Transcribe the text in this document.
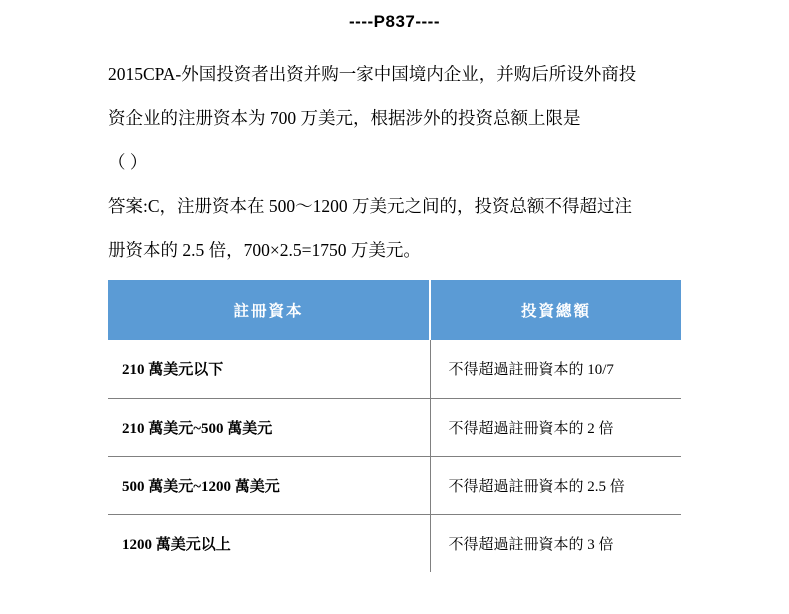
----P837----
2015CPA-外国投资者出资并购一家中国境内企业，并购后所设外商投
资企业的注册资本为 700 万美元，根据涉外的投资总额上限是
（ ）
答案:C，注册资本在 500～1200 万美元之间的，投资总额不得超过注
册资本的 2.5 倍，700×2.5=1750 万美元。
註冊資本	投資總額
210 萬美元以下	不得超過註冊資本的 10/7
210 萬美元~500 萬美元	不得超過註冊資本的 2 倍
500 萬美元~1200 萬美元	不得超過註冊資本的 2.5 倍
1200 萬美元以上	不得超過註冊資本的 3 倍
